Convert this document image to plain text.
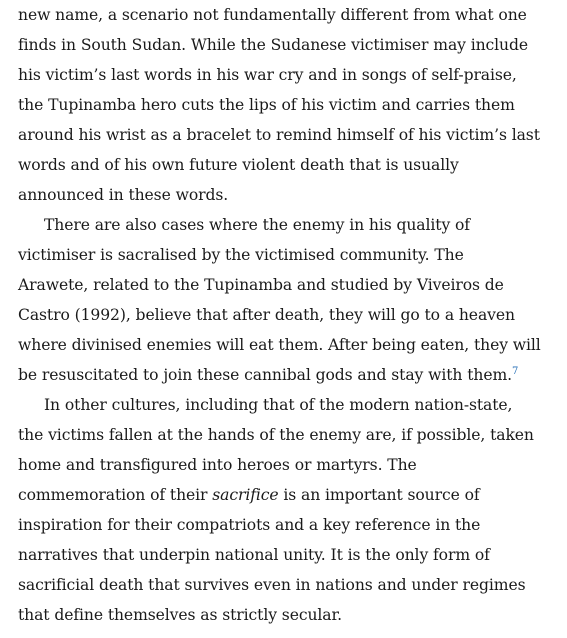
new name, a scenario not fundamentally different from what one
finds in South Sudan. While the Sudanese victimiser may include
his victim’s last words in his war cry and in songs of self-praise,
the Tupinamba hero cuts the lips of his victim and carries them
around his wrist as a bracelet to remind himself of his victim’s last
words and of his own future violent death that is usually
announced in these words.
There are also cases where the enemy in his quality of
victimiser is sacralised by the victimised community. The
Arawete, related to the Tupinamba and studied by Viveiros de
Castro (1992), believe that after death, they will go to a heaven
where divinised enemies will eat them. After being eaten, they will
be resuscitated to join these cannibal gods and stay with them.$^7$
In other cultures, including that of the modern nation-state,
the victims fallen at the hands of the enemy are, if possible, taken
home and transfigured into heroes or martyrs. The
commemoration of their sacrifice is an important source of
inspiration for their compatriots and a key reference in the
narratives that underpin national unity. It is the only form of
sacrificial death that survives even in nations and under regimes
that define themselves as strictly secular.
